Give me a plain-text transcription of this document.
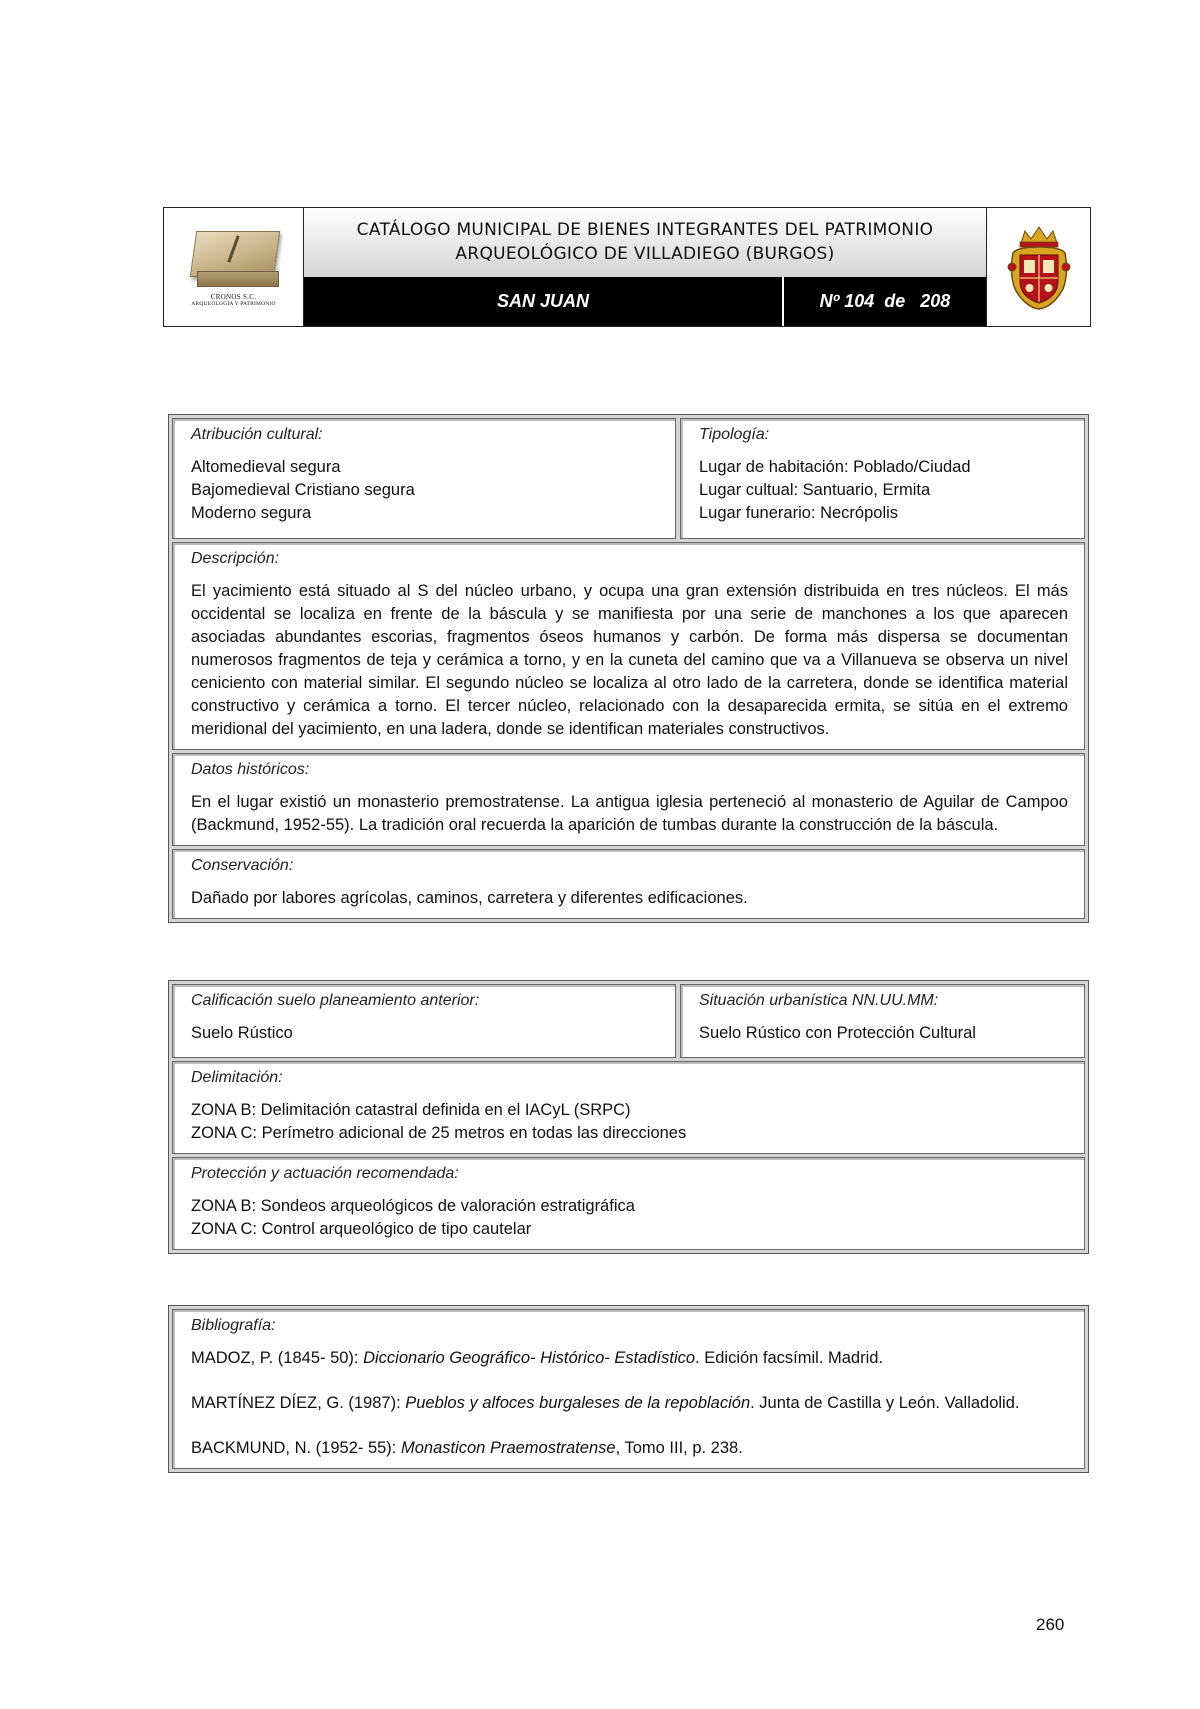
CRONOS S.C.
ARQUEOLOGÍA Y PATRIMONIO
CATÁLOGO MUNICIPAL DE BIENES INTEGRANTES DEL PATRIMONIO
ARQUEOLÓGICO DE VILLADIEGO (BURGOS)
SAN JUAN	Nº 104  de   208
Atribución cultural:
Altomedieval segura
Bajomedieval Cristiano segura
Moderno segura
Tipología:
Lugar de habitación: Poblado/Ciudad
Lugar cultual: Santuario, Ermita
Lugar funerario: Necrópolis
Descripción:
El yacimiento está situado al S del núcleo urbano, y ocupa una gran extensión distribuida en tres núcleos. El más occidental se localiza en frente de la báscula y se manifiesta por una serie de manchones a los que aparecen asociadas abundantes escorias, fragmentos óseos humanos y carbón. De forma más dispersa se documentan numerosos fragmentos de teja y cerámica a torno, y en la cuneta del camino que va a Villanueva se observa un nivel ceniciento con material similar. El segundo núcleo se localiza al otro lado de la carretera, donde se identifica material constructivo y cerámica a torno. El tercer núcleo, relacionado con la desaparecida ermita, se sitúa en el extremo meridional del yacimiento, en una ladera, donde se identifican materiales constructivos.
Datos históricos:
En el lugar existió un monasterio premostratense. La antigua iglesia perteneció al monasterio de Aguilar de Campoo (Backmund, 1952-55). La tradición oral recuerda la aparición de tumbas durante la construcción de la báscula.
Conservación:
Dañado por labores agrícolas, caminos, carretera y diferentes edificaciones.
Calificación suelo planeamiento anterior:
Suelo Rústico
Situación urbanística NN.UU.MM:
Suelo Rústico con Protección Cultural
Delimitación:
ZONA B: Delimitación catastral definida en el IACyL (SRPC)
ZONA C: Perímetro adicional de 25 metros en todas las direcciones
Protección y actuación recomendada:
ZONA B: Sondeos arqueológicos de valoración estratigráfica
ZONA C: Control arqueológico de tipo cautelar
Bibliografía:

MADOZ, P. (1845- 50): Diccionario Geográfico- Histórico- Estadístico. Edición facsímil. Madrid.

MARTÍNEZ DÍEZ, G. (1987): Pueblos y alfoces burgaleses de la repoblación. Junta de Castilla y León. Valladolid.

BACKMUND, N. (1952- 55): Monasticon Praemostratense, Tomo III, p. 238.

260
